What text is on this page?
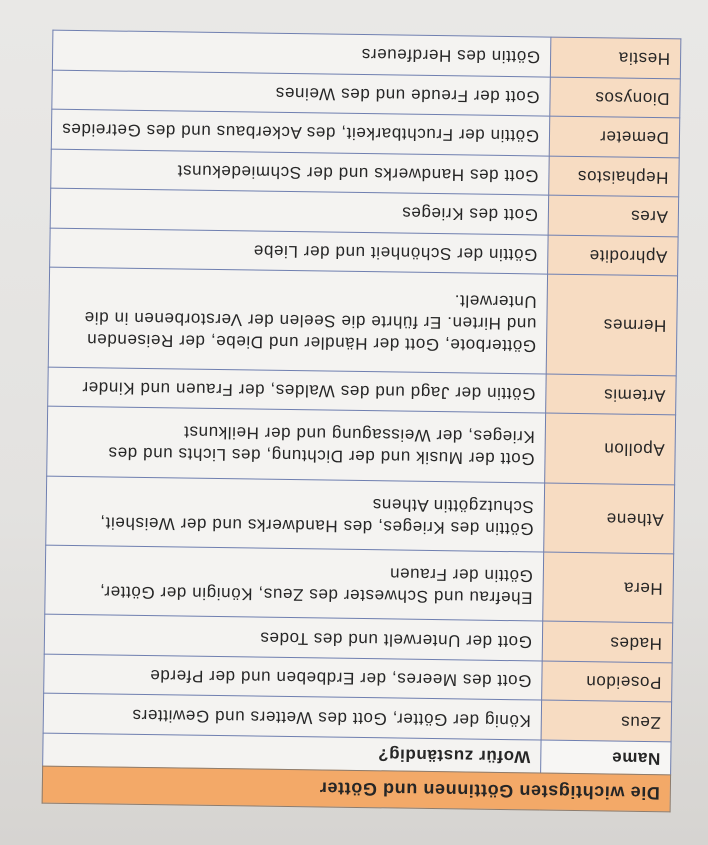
Die wichtigsten Göttinnen und Götter	
Name	Wofür zuständig?
Zeus	König der Götter, Gott des Wetters und Gewitters
Poseidon	Gott des Meeres, der Erdbeben und der Pferde
Hades	Gott der Unterwelt und des Todes
Hera	Ehefrau und Schwester des Zeus, Königin der Götter, Göttin der Frauen
Athene	Göttin des Krieges, des Handwerks und der Weisheit, Schutzgöttin Athens
Apollon	Gott der Musik und der Dichtung, des Lichts und des Krieges, der Weissagung und der Heilkunst
Artemis	Göttin der Jagd und des Waldes, der Frauen und Kinder
Hermes	Götterbote, Gott der Händler und Diebe, der Reisenden und Hirten. Er führte die Seelen der Verstorbenen in die Unterwelt.
Aphrodite	Göttin der Schönheit und der Liebe
Ares	Gott des Krieges
Hephaistos	Gott des Handwerks und der Schmiedekunst
Demeter	Göttin der Fruchtbarkeit, des Ackerbaus und des Getreides
Dionysos	Gott der Freude und des Weines
Hestia	Göttin des Herdfeuers
